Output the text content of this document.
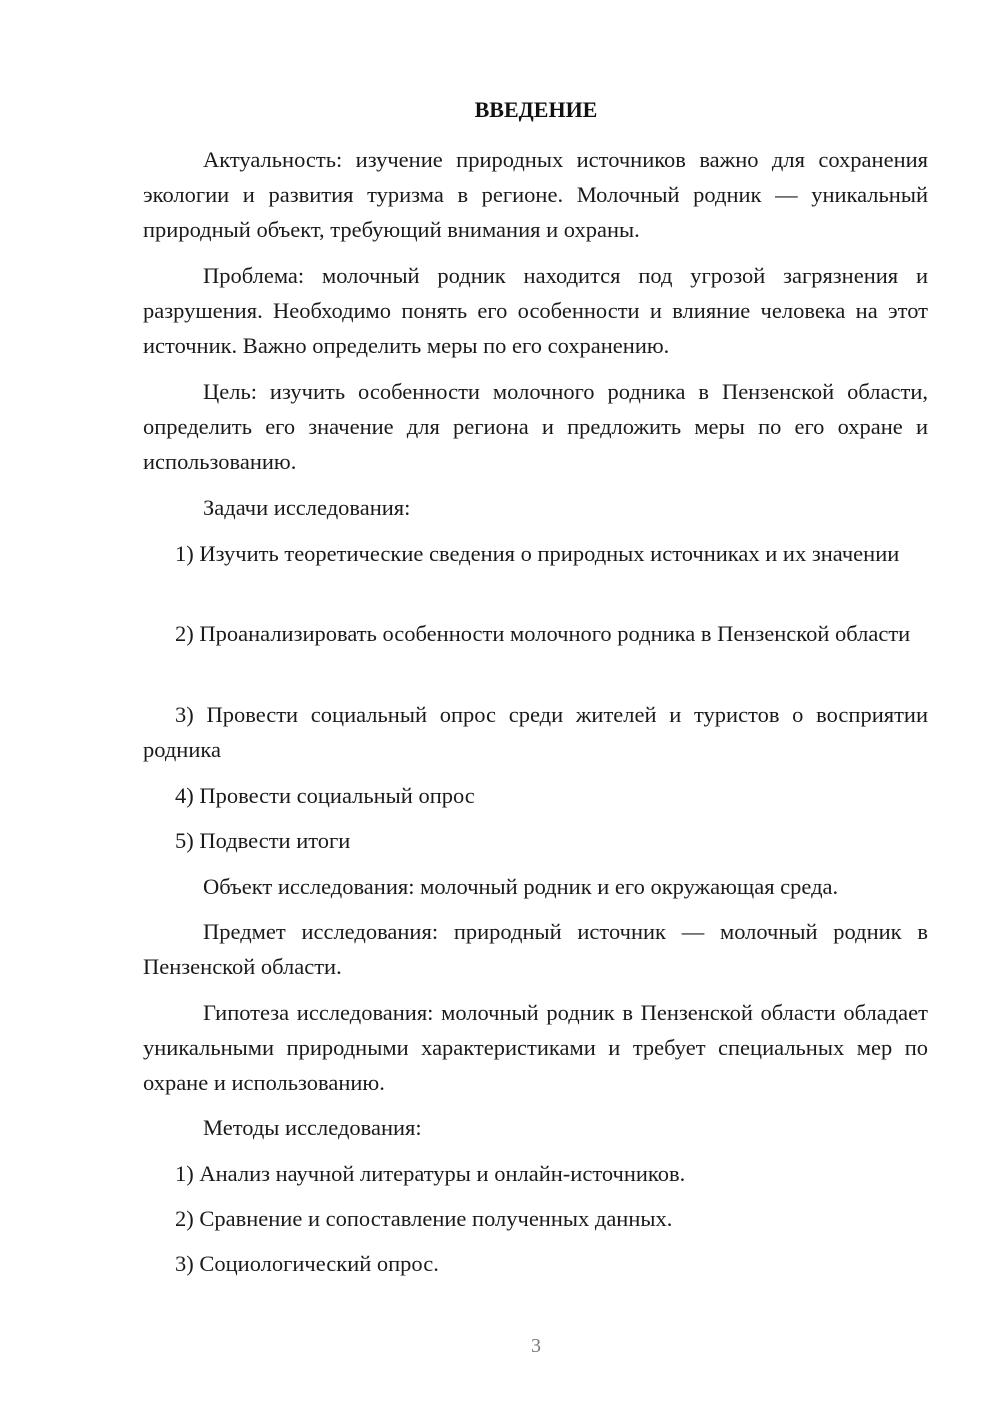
ВВЕДЕНИЕ
Актуальность: изучение природных источников важно для сохранения экологии и развития туризма в регионе. Молочный родник — уникальный природный объект, требующий внимания и охраны.
Проблема: молочный родник находится под угрозой загрязнения и разрушения. Необходимо понять его особенности и влияние человека на этот источник. Важно определить меры по его сохранению.
Цель: изучить особенности молочного родника в Пензенской области, определить его значение для региона и предложить меры по его охране и использованию.
Задачи исследования:
1) Изучить теоретические сведения о природных источниках и их значении
2) Проанализировать особенности молочного родника в Пензенской области
3) Провести социальный опрос среди жителей и туристов о восприятии родника
4) Провести социальный опрос
5) Подвести итоги
Объект исследования: молочный родник и его окружающая среда.
Предмет исследования: природный источник — молочный родник в Пензенской области.
Гипотеза исследования: молочный родник в Пензенской области обладает уникальными природными характеристиками и требует специальных мер по охране и использованию.
Методы исследования:
1) Анализ научной литературы и онлайн-источников.
2) Сравнение и сопоставление полученных данных.
3) Социологический опрос.
3
